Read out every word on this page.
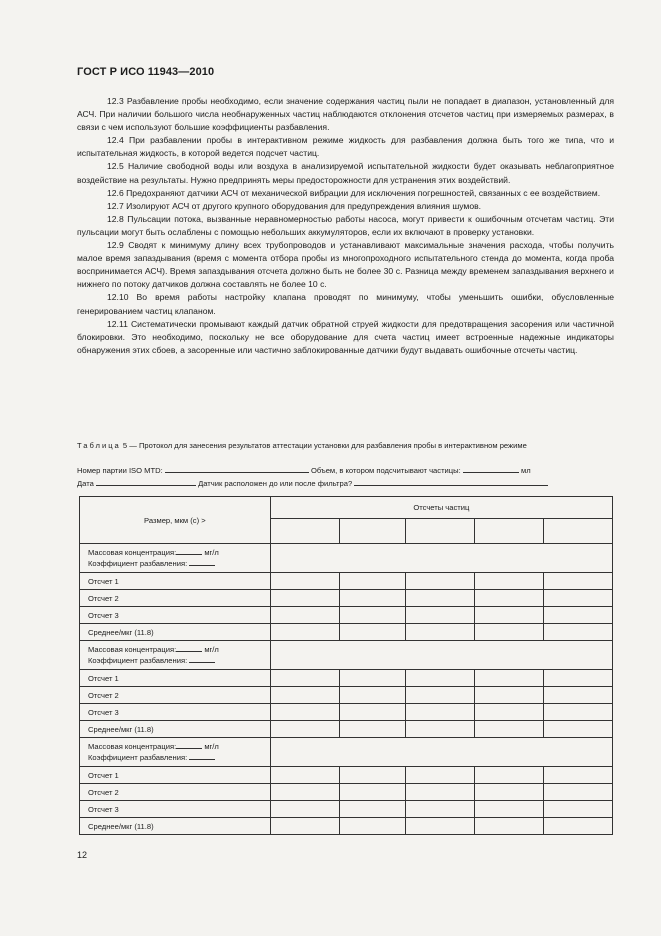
ГОСТ Р ИСО 11943—2010

12.3 Разбавление пробы необходимо, если значение содержания частиц пыли не попадает в диапазон, установленный для АСЧ. При наличии большого числа необнаруженных частиц наблюдаются отклонения отсчетов частиц при измеряемых размерах, в связи с чем используют большие коэффициенты разбавления.

12.4 При разбавлении пробы в интерактивном режиме жидкость для разбавления должна быть того же типа, что и испытательная жидкость, в которой ведется подсчет частиц.

12.5 Наличие свободной воды или воздуха в анализируемой испытательной жидкости будет оказывать неблагоприятное воздействие на результаты. Нужно предпринять меры предосторожности для устранения этих воздействий.

12.6 Предохраняют датчики АСЧ от механической вибрации для исключения погрешностей, связанных с ее воздействием.

12.7 Изолируют АСЧ от другого крупного оборудования для предупреждения влияния шумов.

12.8 Пульсации потока, вызванные неравномерностью работы насоса, могут привести к ошибочным отсчетам частиц. Эти пульсации могут быть ослаблены с помощью небольших аккумуляторов, если их включают в проверку установки.

12.9 Сводят к минимуму длину всех трубопроводов и устанавливают максимальные значения расхода, чтобы получить малое время запаздывания (время с момента отбора пробы из многопроходного испытательного стенда до момента, когда проба воспринимается АСЧ). Время запаздывания отсчета должно быть не более 30 с. Разница между временем запаздывания верхнего и нижнего по потоку датчиков должна составлять не более 10 с.

12.10 Во время работы настройку клапана проводят по минимуму, чтобы уменьшить ошибки, обусловленные генерированием частиц клапаном.

12.11 Систематически промывают каждый датчик обратной струей жидкости для предотвращения засорения или частичной блокировки. Это необходимо, поскольку не все оборудование для счета частиц имеет встроенные надежные индикаторы обнаружения этих сбоев, а засоренные или частично заблокированные датчики будут выдавать ошибочные отсчеты частиц.

Таблица 5 — Протокол для занесения результатов аттестации установки для разбавления пробы в интерактивном режиме
Номер партии ISO MTD:	Объем, в котором подсчитывают частицы:	мл
Дата	Датчик расположен до или после фильтра?
Размер, мкм (с) >	Отсчеты частиц				

Массовая концентрация: мг/л
Коэффициент разбавления:					
Отсчет 1					
Отсчет 2					
Отсчет 3					
Среднее/мкг (11.8)					
Массовая концентрация: мг/л
Коэффициент разбавления:					
Отсчет 1					
Отсчет 2					
Отсчет 3					
Среднее/мкг (11.8)					
Массовая концентрация: мг/л
Коэффициент разбавления:					
Отсчет 1					
Отсчет 2					
Отсчет 3					
Среднее/мкг (11.8)					
12
